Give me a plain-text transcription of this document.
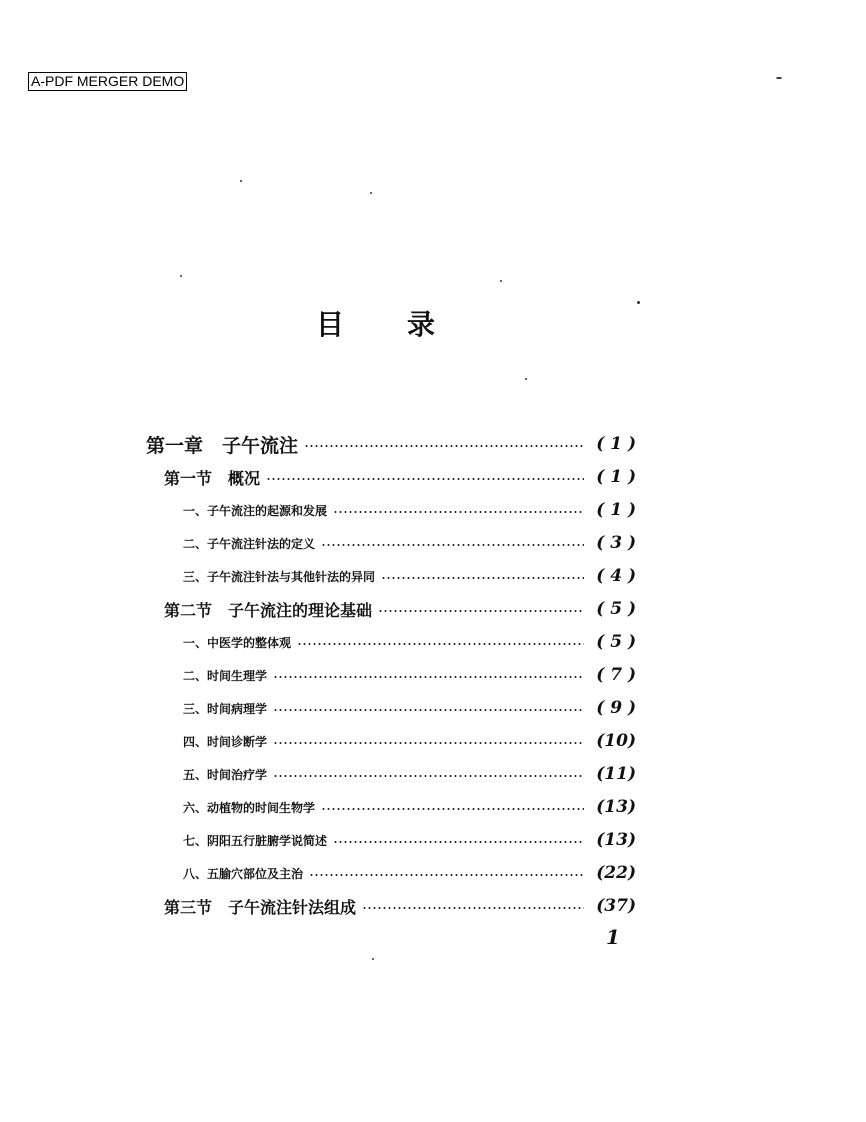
A-PDF MERGER DEMO
目 录
第一章　子午流注	( 1 )
第一节　概况	( 1 )
一、子午流注的起源和发展	( 1 )
二、子午流注针法的定义	( 3 )
三、子午流注针法与其他针法的异同	( 4 )
第二节　子午流注的理论基础	( 5 )
一、中医学的整体观	( 5 )
二、时间生理学	( 7 )
三、时间病理学	( 9 )
四、时间诊断学	(10)
五、时间治疗学	(11)
六、动植物的时间生物学	(13)
七、阴阳五行脏腑学说简述	(13)
八、五腧穴部位及主治	(22)
第三节　子午流注针法组成	(37)
1
